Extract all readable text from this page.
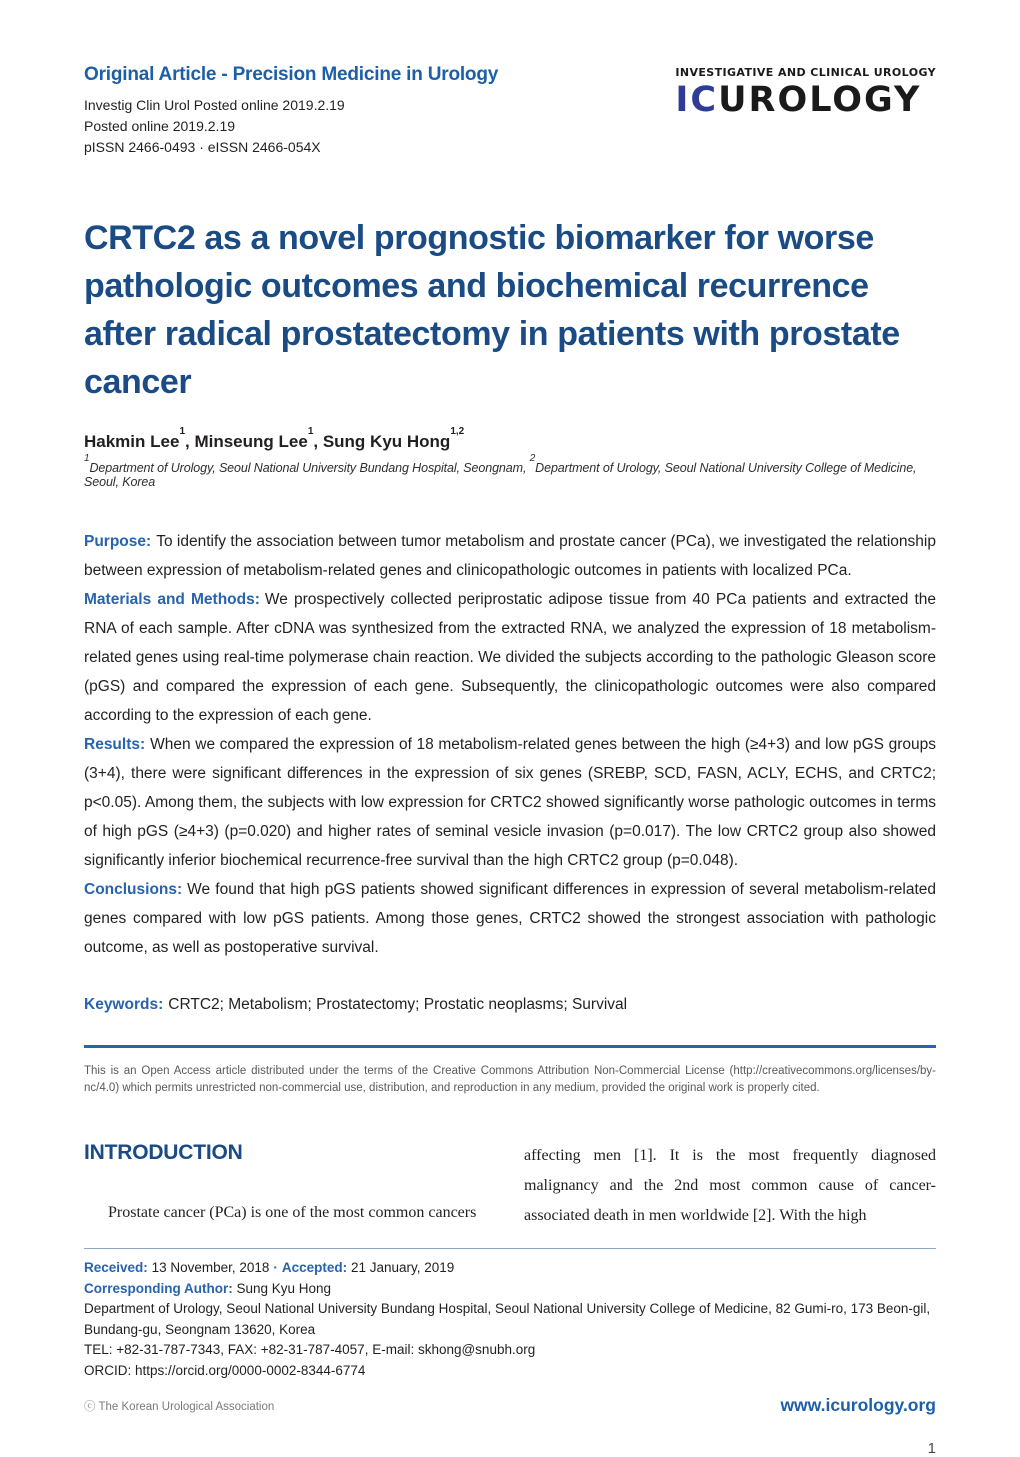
Original Article - Precision Medicine in Urology
Investig Clin Urol Posted online 2019.2.19
Posted online 2019.2.19
pISSN 2466-0493 · eISSN 2466-054X
INVESTIGATIVE AND CLINICAL UROLOGY
ICUROLOGY
CRTC2 as a novel prognostic biomarker for worse pathologic outcomes and biochemical recurrence after radical prostatectomy in patients with prostate cancer
Hakmin Lee$^1$, Minseung Lee$^1$, Sung Kyu Hong$^{1,2}$
$^1$Department of Urology, Seoul National University Bundang Hospital, Seongnam, $^2$Department of Urology, Seoul National University College of Medicine, Seoul, Korea

Purpose: To identify the association between tumor metabolism and prostate cancer (PCa), we investigated the relationship between expression of metabolism-related genes and clinicopathologic outcomes in patients with localized PCa.

Materials and Methods: We prospectively collected periprostatic adipose tissue from 40 PCa patients and extracted the RNA of each sample. After cDNA was synthesized from the extracted RNA, we analyzed the expression of 18 metabolism-related genes using real-time polymerase chain reaction. We divided the subjects according to the pathologic Gleason score (pGS) and compared the expression of each gene. Subsequently, the clinicopathologic outcomes were also compared according to the expression of each gene.

Results: When we compared the expression of 18 metabolism-related genes between the high (≥4+3) and low pGS groups (3+4), there were significant differences in the expression of six genes (SREBP, SCD, FASN, ACLY, ECHS, and CRTC2; p<0.05). Among them, the subjects with low expression for CRTC2 showed significantly worse pathologic outcomes in terms of high pGS (≥4+3) (p=0.020) and higher rates of seminal vesicle invasion (p=0.017). The low CRTC2 group also showed significantly inferior biochemical recurrence-free survival than the high CRTC2 group (p=0.048).

Conclusions: We found that high pGS patients showed significant differences in expression of several metabolism-related genes compared with low pGS patients. Among those genes, CRTC2 showed the strongest association with pathologic outcome, as well as postoperative survival.

Keywords: CRTC2; Metabolism; Prostatectomy; Prostatic neoplasms; Survival

This is an Open Access article distributed under the terms of the Creative Commons Attribution Non-Commercial License (http://creativecommons.org/licenses/by-nc/4.0) which permits unrestricted non-commercial use, distribution, and reproduction in any medium, provided the original work is properly cited.

INTRODUCTION

Prostate cancer (PCa) is one of the most common cancers

affecting men [1]. It is the most frequently diagnosed malignancy and the 2nd most common cause of cancer-associated death in men worldwide [2]. With the high

Received: 13 November, 2018 · Accepted: 21 January, 2019
Corresponding Author: Sung Kyu Hong
Department of Urology, Seoul National University Bundang Hospital, Seoul National University College of Medicine, 82 Gumi-ro, 173 Beon-gil, Bundang-gu, Seongnam 13620, Korea
TEL: +82-31-787-7343, FAX: +82-31-787-4057, E-mail: skhong@snubh.org
ORCID: https://orcid.org/0000-0002-8344-6774
ⓒ The Korean Urological Association	www.icurology.org
1
